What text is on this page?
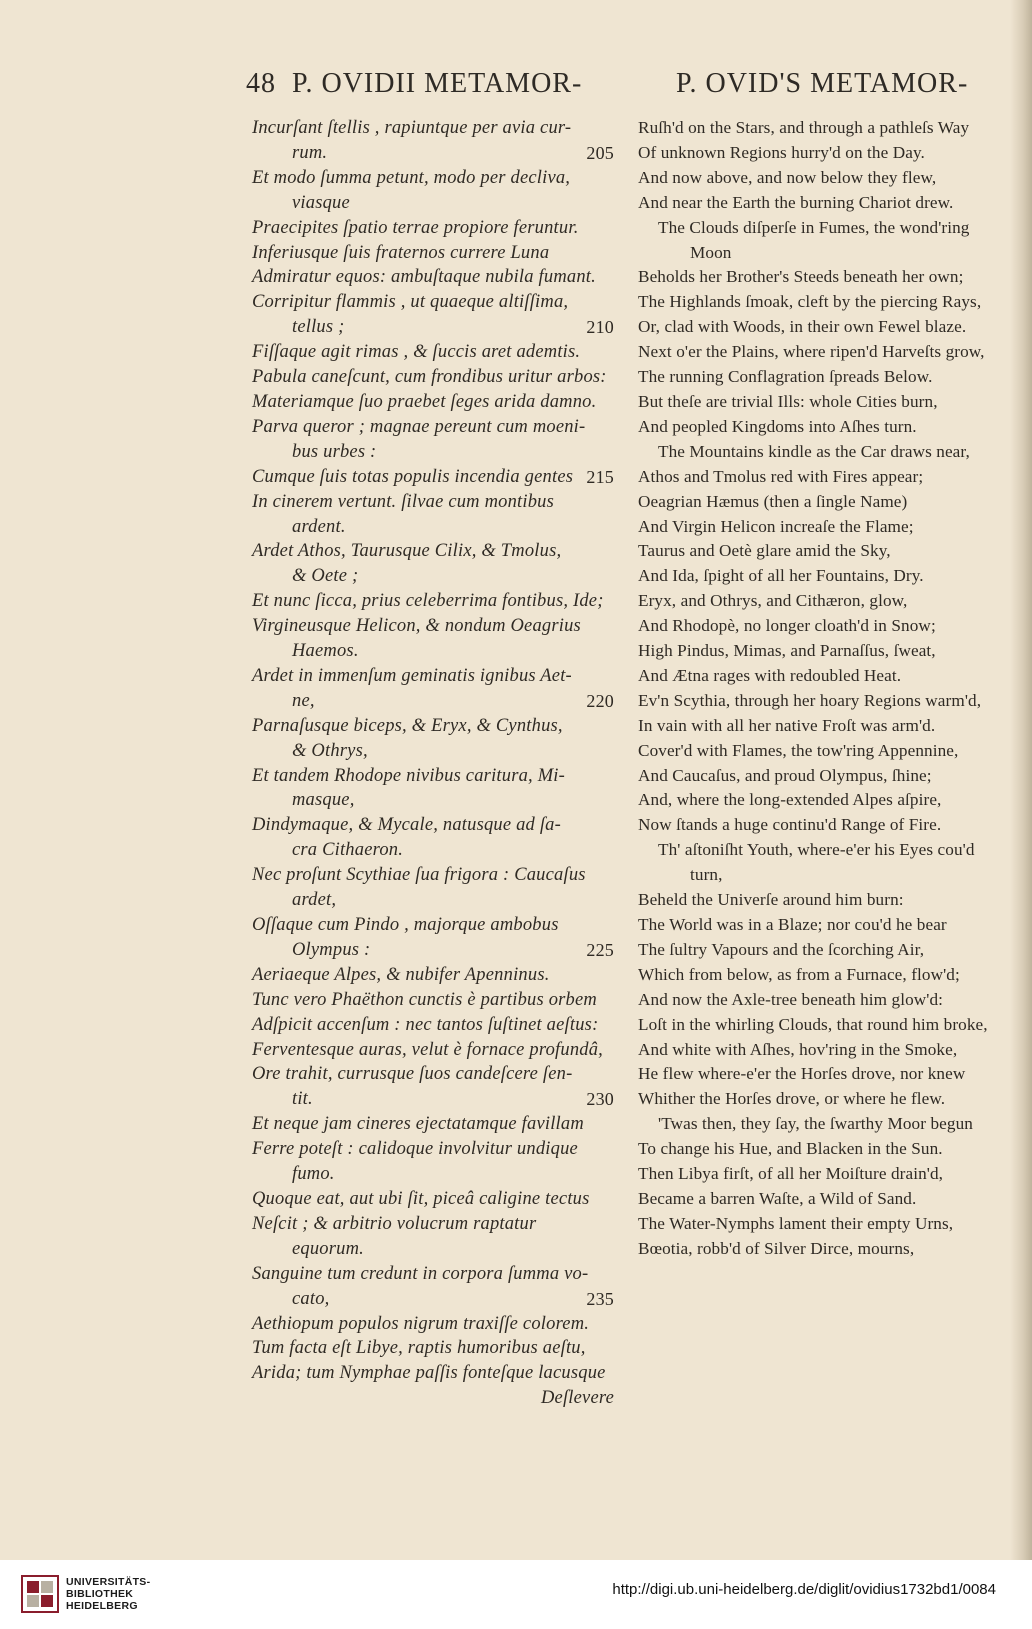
48 P. OVIDII METAMOR-	P. OVID'S METAMOR-
Incurſant ſtellis , rapiuntque per avia cur-
rum.	205
Et modo ſumma petunt, modo per decliva,
viasque
Praecipites ſpatio terrae propiore feruntur.
Inferiusque ſuis fraternos currere Luna
Admiratur equos: ambuſtaque nubila fumant.
Corripitur flammis , ut quaeque altiſſima,
tellus ;	210
Fiſſaque agit rimas , & ſuccis aret ademtis.
Pabula caneſcunt, cum frondibus uritur arbos:
Materiamque ſuo praebet ſeges arida damno.
Parva queror ; magnae pereunt cum moeni-
bus urbes :
Cumque ſuis totas populis incendia gentes 215
In cinerem vertunt. ſilvae cum montibus
ardent.
Ardet Athos, Taurusque Cilix, & Tmolus,
& Oete ;
Et nunc ſicca, prius celeberrima fontibus, Ide;
Virgineusque Helicon, & nondum Oeagrius
Haemos.
Ardet in immenſum geminatis ignibus Aet-
ne,	220
Parnaſusque biceps, & Eryx, & Cynthus,
& Othrys,
Et tandem Rhodope nivibus caritura, Mi-
masque,
Dindymaque, & Mycale, natusque ad ſa-
cra Cithaeron.
Nec proſunt Scythiae ſua frigora : Caucaſus
ardet,
Oſſaque cum Pindo , majorque ambobus
Olympus :	225
Aeriaeque Alpes, & nubifer Apenninus.
Tunc vero Phaëthon cunctis è partibus orbem
Adſpicit accenſum : nec tantos ſuſtinet aeſtus:
Ferventesque auras, velut è fornace profundâ,
Ore trahit, currusque ſuos candeſcere ſen-
tit.	230
Et neque jam cineres ejectatamque favillam
Ferre poteſt : calidoque involvitur undique
fumo.
Quoque eat, aut ubi ſit, piceâ caligine tectus
Neſcit ; & arbitrio volucrum raptatur
equorum.
Sanguine tum credunt in corpora ſumma vo-
cato,	235
Aethiopum populos nigrum traxiſſe colorem.
Tum facta eſt Libye, raptis humoribus aeſtu,
Arida; tum Nymphae paſſis fonteſque lacusque
Deſlevere
Ruſh'd on the Stars, and through a pathleſs Way
Of unknown Regions hurry'd on the Day.
And now above, and now below they flew,
And near the Earth the burning Chariot drew.
The Clouds diſperſe in Fumes, the wond'ring
Moon
Beholds her Brother's Steeds beneath her own;
The Highlands ſmoak, cleft by the piercing Rays,
Or, clad with Woods, in their own Fewel blaze.
Next o'er the Plains, where ripen'd Harveſts grow,
The running Conflagration ſpreads Below.
But theſe are trivial Ills: whole Cities burn,
And peopled Kingdoms into Aſhes turn.
The Mountains kindle as the Car draws near,
Athos and Tmolus red with Fires appear;
Oeagrian Hæmus (then a ſingle Name)
And Virgin Helicon increaſe the Flame;
Taurus and Oetè glare amid the Sky,
And Ida, ſpight of all her Fountains, Dry.
Eryx, and Othrys, and Cithæron, glow,
And Rhodopè, no longer cloath'd in Snow;
High Pindus, Mimas, and Parnaſſus, ſweat,
And Ætna rages with redoubled Heat.
Ev'n Scythia, through her hoary Regions warm'd,
In vain with all her native Froſt was arm'd.
Cover'd with Flames, the tow'ring Appennine,
And Caucaſus, and proud Olympus, ſhine;
And, where the long-extended Alpes aſpire,
Now ſtands a huge continu'd Range of Fire.
Th' aſtoniſht Youth, where-e'er his Eyes cou'd
turn,
Beheld the Univerſe around him burn:
The World was in a Blaze; nor cou'd he bear
The ſultry Vapours and the ſcorching Air,
Which from below, as from a Furnace, flow'd;
And now the Axle-tree beneath him glow'd:
Loſt in the whirling Clouds, that round him broke,
And white with Aſhes, hov'ring in the Smoke,
He flew where-e'er the Horſes drove, nor knew
Whither the Horſes drove, or where he flew.
'Twas then, they ſay, the ſwarthy Moor begun
To change his Hue, and Blacken in the Sun.
Then Libya firſt, of all her Moiſture drain'd,
Became a barren Waſte, a Wild of Sand.
The Water-Nymphs lament their empty Urns,
Bœotia, robb'd of Silver Dirce, mourns,
UNIVERSITÄTS-
BIBLIOTHEK
HEIDELBERG
http://digi.ub.uni-heidelberg.de/diglit/ovidius1732bd1/0084
